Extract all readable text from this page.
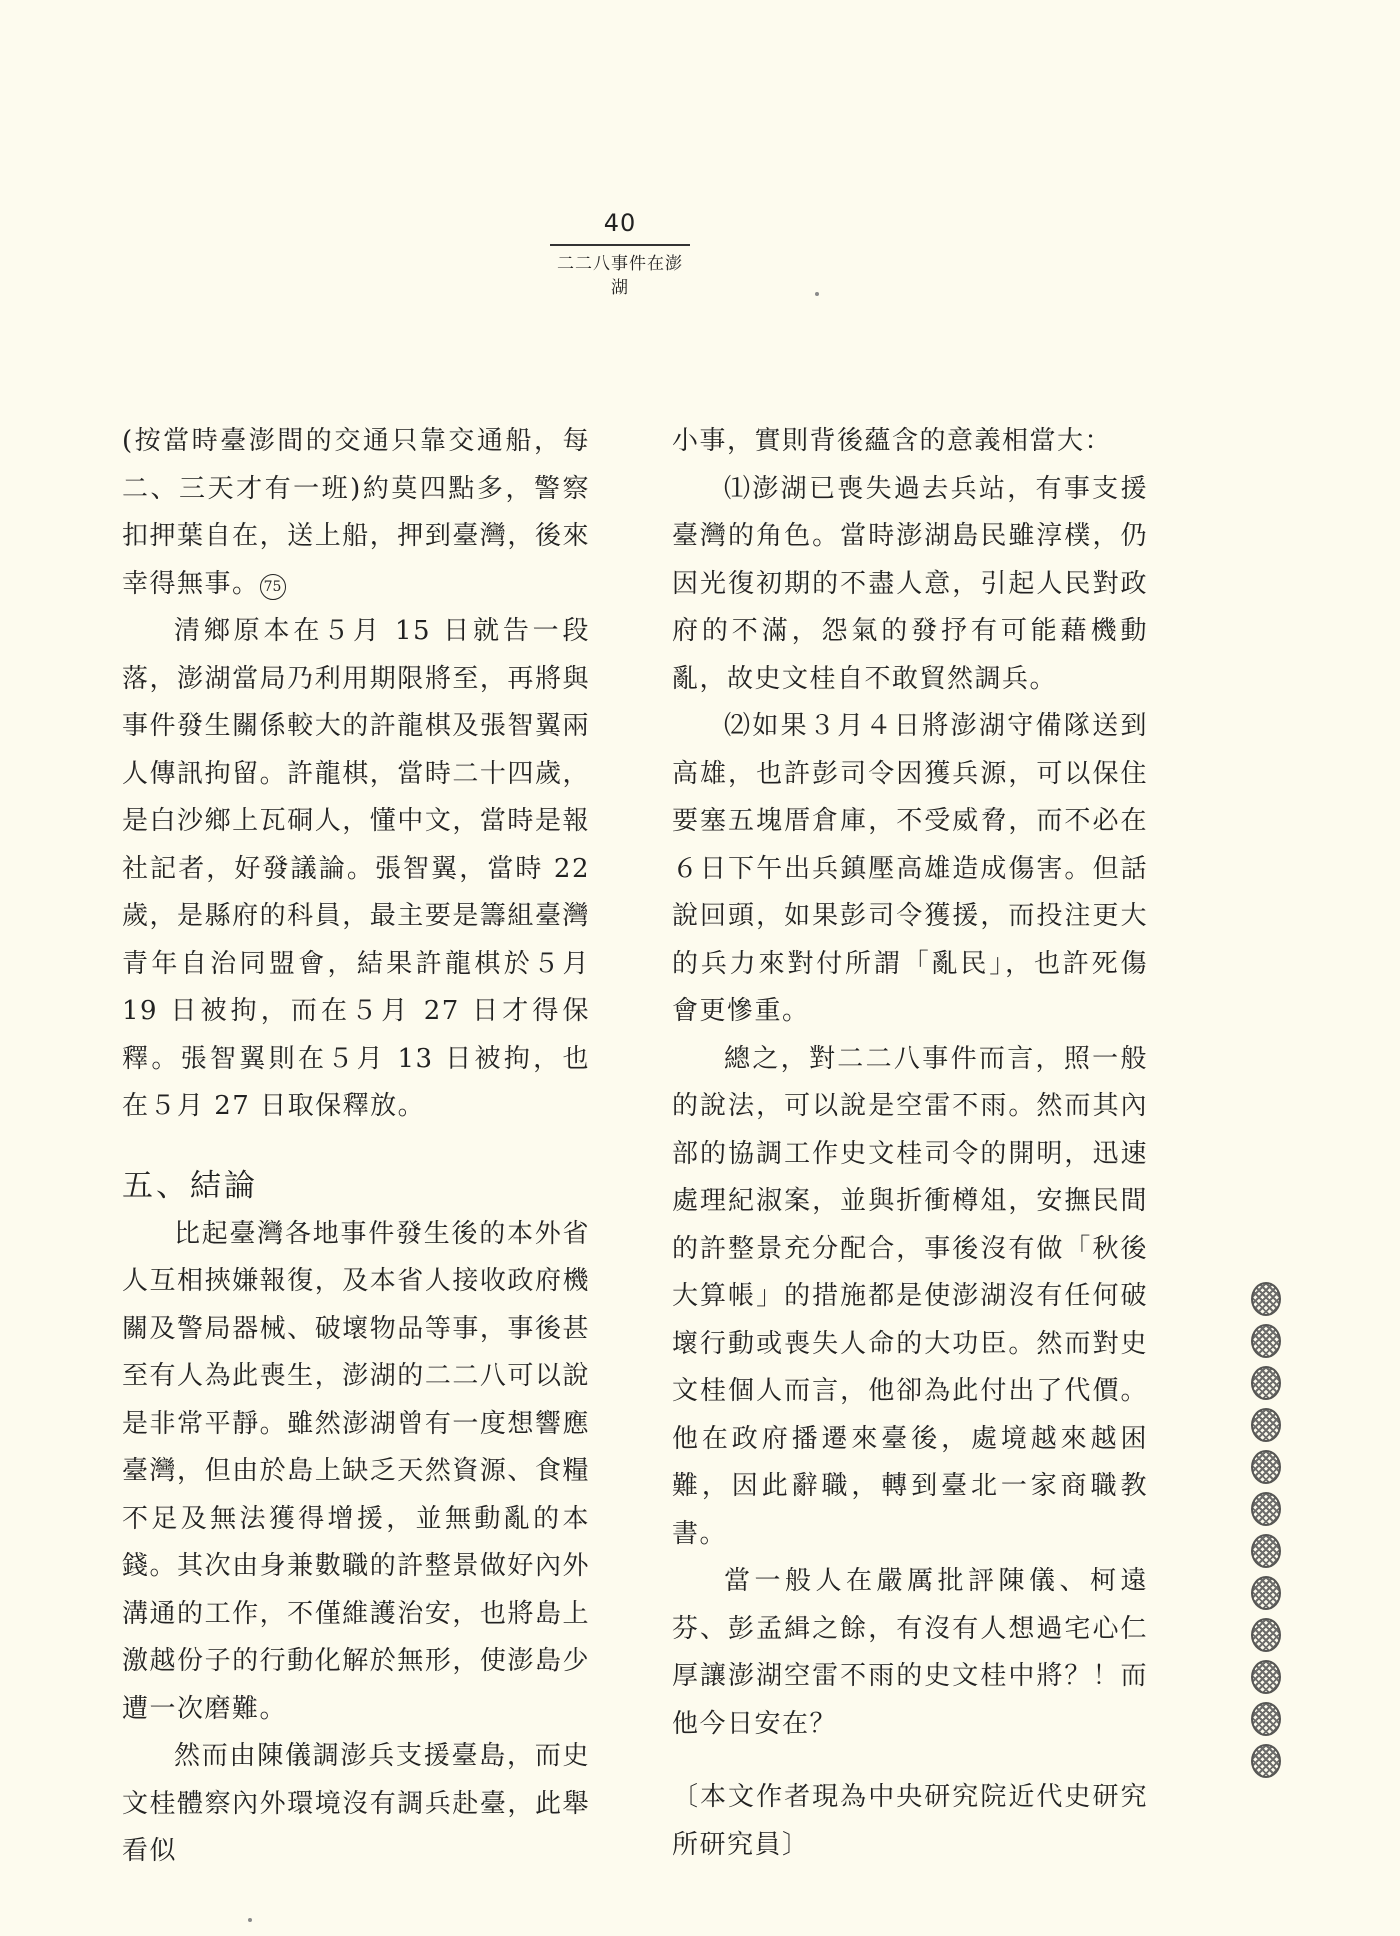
40
二二八事件在澎湖

(按當時臺澎間的交通只靠交通船，每二、三天才有一班)約莫四點多，警察扣押葉自在，送上船，押到臺灣，後來幸得無事。 75

清鄉原本在５月 15 日就告一段落，澎湖當局乃利用期限將至，再將與事件發生關係較大的許龍棋及張智翼兩人傳訊拘留。許龍棋，當時二十四歲，是白沙鄉上瓦硐人，懂中文，當時是報社記者，好發議論。張智翼，當時 22 歲，是縣府的科員，最主要是籌組臺灣青年自治同盟會，結果許龍棋於５月 19 日被拘，而在５月 27 日才得保釋。張智翼則在５月 13 日被拘，也在５月 27 日取保釋放。

五、結論

比起臺灣各地事件發生後的本外省人互相挾嫌報復，及本省人接收政府機關及警局器械、破壞物品等事，事後甚至有人為此喪生，澎湖的二二八可以說是非常平靜。雖然澎湖曾有一度想響應臺灣，但由於島上缺乏天然資源、食糧不足及無法獲得增援，並無動亂的本錢。其次由身兼數職的許整景做好內外溝通的工作，不僅維護治安，也將島上激越份子的行動化解於無形，使澎島少遭一次磨難。

然而由陳儀調澎兵支援臺島，而史文桂體察內外環境沒有調兵赴臺，此舉看似

小事，實則背後蘊含的意義相當大：

⑴澎湖已喪失過去兵站，有事支援臺灣的角色。當時澎湖島民雖淳樸，仍因光復初期的不盡人意，引起人民對政府的不滿，怨氣的發抒有可能藉機動亂，故史文桂自不敢貿然調兵。

⑵如果３月４日將澎湖守備隊送到高雄，也許彭司令因獲兵源，可以保住要塞五塊厝倉庫，不受威脅，而不必在６日下午出兵鎮壓高雄造成傷害。但話說回頭，如果彭司令獲援，而投注更大的兵力來對付所謂「亂民」，也許死傷會更慘重。

總之，對二二八事件而言，照一般的說法，可以說是空雷不雨。然而其內部的協調工作史文桂司令的開明，迅速處理紀淑案，並與折衝樽俎，安撫民間的許整景充分配合，事後沒有做「秋後大算帳」的措施都是使澎湖沒有任何破壞行動或喪失人命的大功臣。然而對史文桂個人而言，他卻為此付出了代價。他在政府播遷來臺後，處境越來越困難，因此辭職，轉到臺北一家商職教書。

當一般人在嚴厲批評陳儀、柯遠芬、彭孟緝之餘，有沒有人想過宅心仁厚讓澎湖空雷不雨的史文桂中將？！而他今日安在？

〔本文作者現為中央研究院近代史研究所研究員〕
